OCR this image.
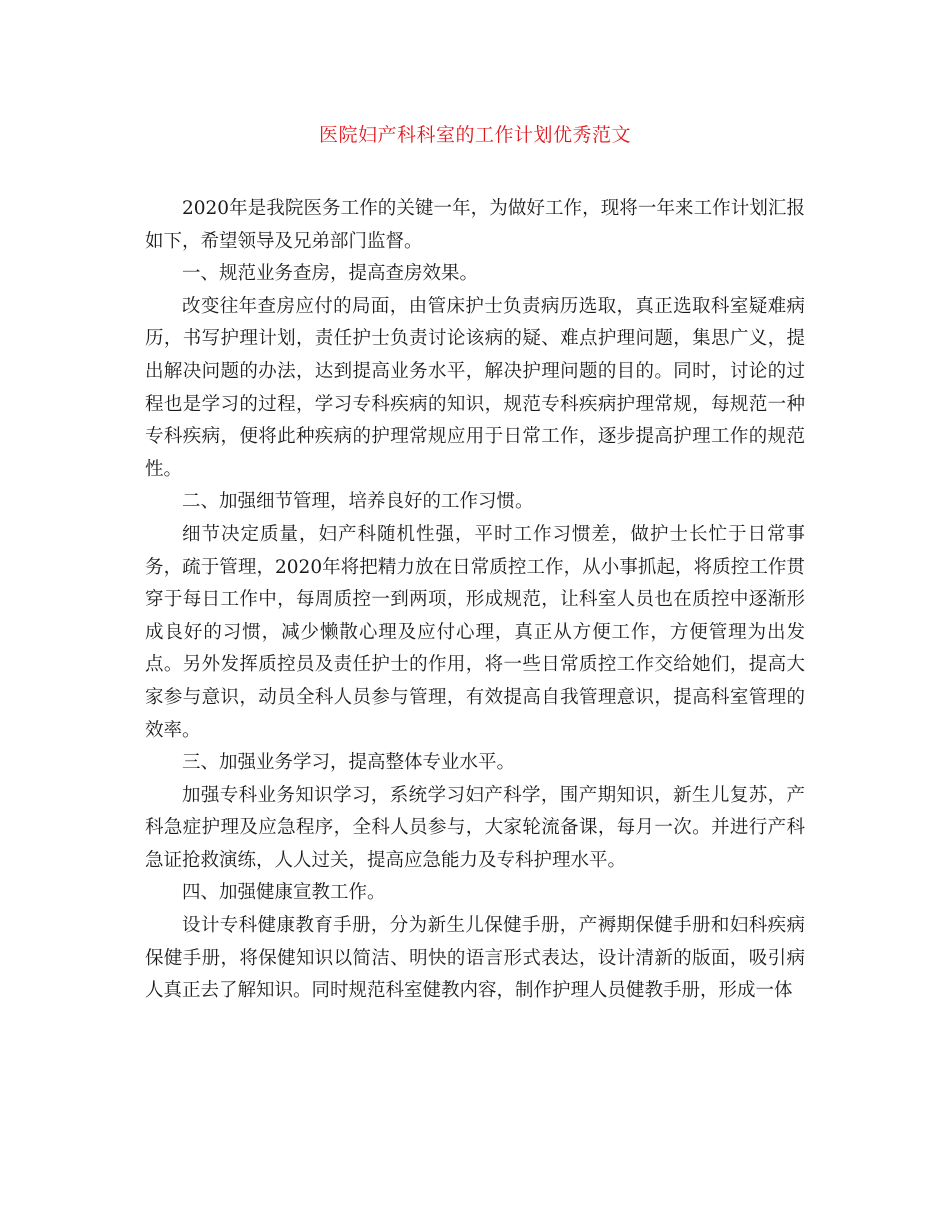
医院妇产科科室的工作计划优秀范文

2020年是我院医务工作的关键一年，为做好工作，现将一年来工作计划汇报如下，希望领导及兄弟部门监督。

一、规范业务查房，提高查房效果。

改变往年查房应付的局面，由管床护士负责病历选取，真正选取科室疑难病历，书写护理计划，责任护士负责讨论该病的疑、难点护理问题，集思广义，提出解决问题的办法，达到提高业务水平，解决护理问题的目的。同时，讨论的过程也是学习的过程，学习专科疾病的知识，规范专科疾病护理常规，每规范一种专科疾病，便将此种疾病的护理常规应用于日常工作，逐步提高护理工作的规范性。

二、加强细节管理，培养良好的工作习惯。

细节决定质量，妇产科随机性强，平时工作习惯差，做护士长忙于日常事务，疏于管理，2020年将把精力放在日常质控工作，从小事抓起，将质控工作贯穿于每日工作中，每周质控一到两项，形成规范，让科室人员也在质控中逐渐形成良好的习惯，减少懒散心理及应付心理，真正从方便工作，方便管理为出发点。另外发挥质控员及责任护士的作用，将一些日常质控工作交给她们，提高大家参与意识，动员全科人员参与管理，有效提高自我管理意识，提高科室管理的效率。

三、加强业务学习，提高整体专业水平。

加强专科业务知识学习，系统学习妇产科学，围产期知识，新生儿复苏，产科急症护理及应急程序，全科人员参与，大家轮流备课，每月一次。并进行产科急证抢救演练，人人过关，提高应急能力及专科护理水平。

四、加强健康宣教工作。

设计专科健康教育手册，分为新生儿保健手册，产褥期保健手册和妇科疾病保健手册，将保健知识以简洁、明快的语言形式表达，设计清新的版面，吸引病人真正去了解知识。同时规范科室健教内容，制作护理人员健教手册，形成一体
